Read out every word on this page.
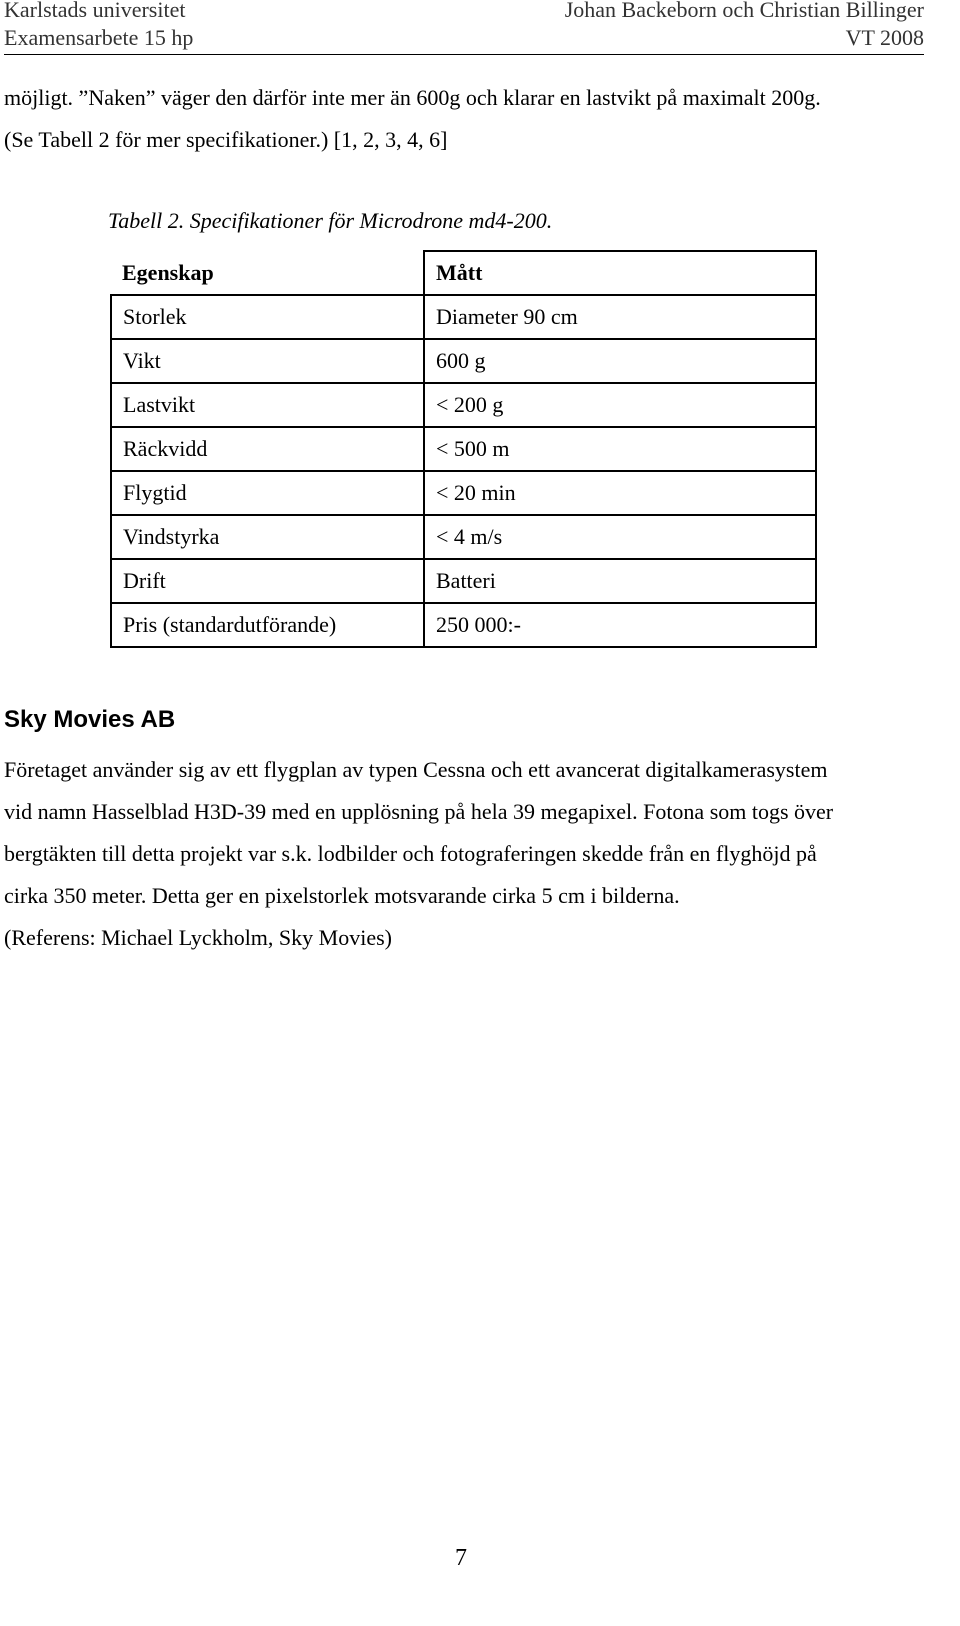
Karlstads universitet
Examensarbete 15 hp
Johan Backeborn och Christian Billinger
VT 2008
möjligt. ”Naken” väger den därför inte mer än 600g och klarar en lastvikt på maximalt 200g.
(Se Tabell 2 för mer specifikationer.) [1, 2, 3, 4, 6]
Tabell 2. Specifikationer för Microdrone md4-200.
Egenskap	Mått
Storlek	Diameter 90 cm
Vikt	600 g
Lastvikt	< 200 g
Räckvidd	< 500 m
Flygtid	< 20 min
Vindstyrka	< 4 m/s
Drift	Batteri
Pris (standardutförande)	250 000:-
Sky Movies AB
Företaget använder sig av ett flygplan av typen Cessna och ett avancerat digitalkamerasystem
vid namn Hasselblad H3D-39 med en upplösning på hela 39 megapixel. Fotona som togs över
bergtäkten till detta projekt var s.k. lodbilder och fotograferingen skedde från en flyghöjd på
cirka 350 meter. Detta ger en pixelstorlek motsvarande cirka 5 cm i bilderna.
(Referens: Michael Lyckholm, Sky Movies)
7
